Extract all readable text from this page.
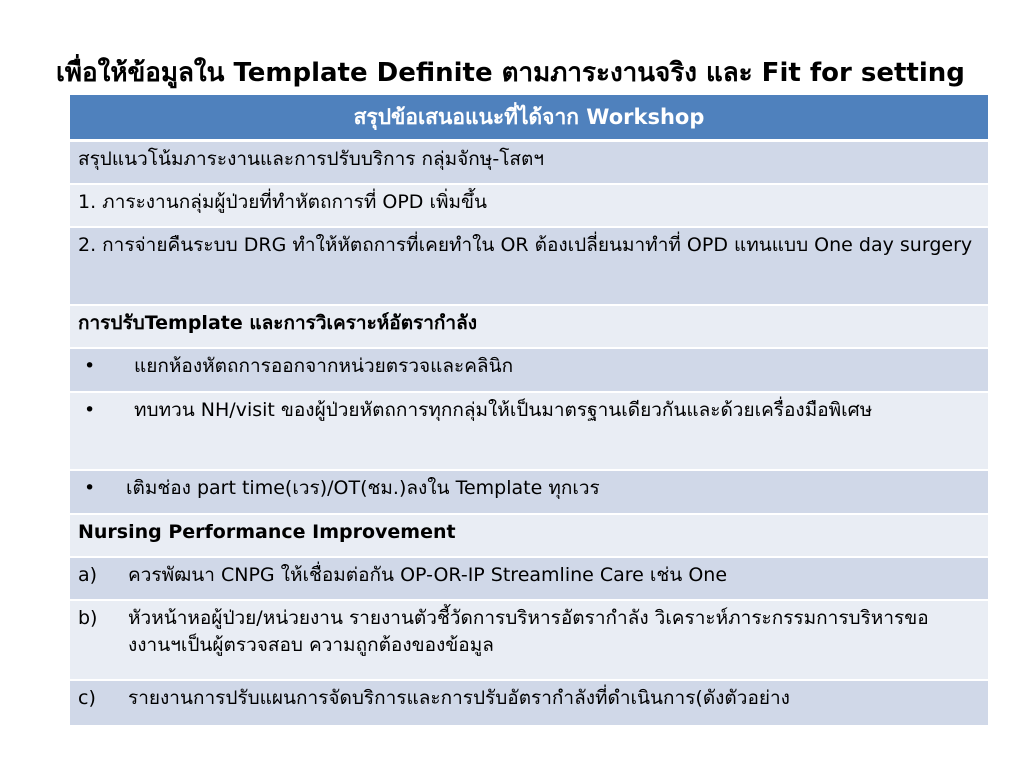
เพื่อให้ข้อมูลใน Template Definite ตามภาระงานจริง และ Fit for setting
สรุปข้อเสนอแนะที่ได้จาก Workshop
สรุปแนวโน้มภาระงานและการปรับบริการ กลุ่มจักษุ-โสตฯ
1. ภาระงานกลุ่มผู้ป่วยที่ทำหัตถการที่ OPD เพิ่มขึ้น
2. การจ่ายคืนระบบ DRG ทำให้หัตถการที่เคยทำใน OR ต้องเปลี่ยนมาทำที่ OPD แทนแบบ One day surgery
การปรับTemplate และการวิเคราะห์อัตรากำลัง
•	แยกห้องหัตถการออกจากหน่วยตรวจและคลินิก
•	ทบทวน NH/visit ของผู้ป่วยหัตถการทุกกลุ่มให้เป็นมาตรฐานเดียวกันและด้วยเครื่องมือพิเศษ
•	เติมช่อง part time(เวร)/OT(ชม.)ลงใน Template ทุกเวร
Nursing Performance Improvement
a)	ควรพัฒนา CNPG ให้เชื่อมต่อกัน OP-OR-IP Streamline Care เช่น One
b)	หัวหน้าหอผู้ป่วย/หน่วยงาน รายงานตัวชี้วัดการบริหารอัตรากำลัง วิเคราะห์ภาระกรรมการบริหารของงานฯเป็นผู้ตรวจสอบ ความถูกต้องของข้อมูล
c)	รายงานการปรับแผนการจัดบริการและการปรับอัตรากำลังที่ดำเนินการ(ดังตัวอย่าง
